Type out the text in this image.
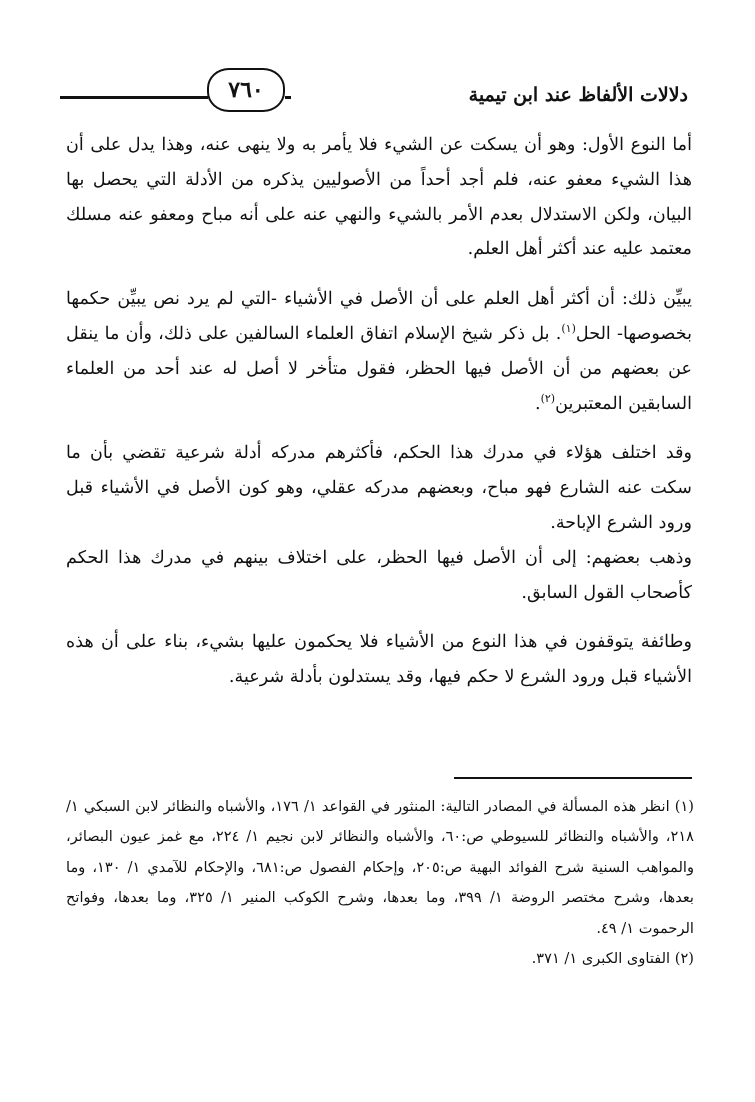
٧٦٠	دلالات الألفاظ عند ابن تيمية

أما النوع الأول: وهو أن يسكت عن الشيء فلا يأمر به ولا ينهى عنه، وهذا يدل على أن هذا الشيء معفو عنه، فلم أجد أحداً من الأصوليين يذكره من الأدلة التي يحصل بها البيان، ولكن الاستدلال بعدم الأمر بالشيء والنهي عنه على أنه مباح ومعفو عنه مسلك معتمد عليه عند أكثر أهل العلم.

يبيِّن ذلك: أن أكثر أهل العلم على أن الأصل في الأشياء -التي لم يرد نص يبيِّن حكمها بخصوصها- الحل$^{(١)}$. بل ذكر شيخ الإسلام اتفاق العلماء السالفين على ذلك، وأن ما ينقل عن بعضهم من أن الأصل فيها الحظر، فقول متأخر لا أصل له عند أحد من العلماء السابقين المعتبرين$^{(٢)}$.

وقد اختلف هؤلاء في مدرك هذا الحكم، فأكثرهم مدركه أدلة شرعية تقضي بأن ما سكت عنه الشارع فهو مباح، وبعضهم مدركه عقلي، وهو كون الأصل في الأشياء قبل ورود الشرع الإباحة.

وذهب بعضهم: إلى أن الأصل فيها الحظر، على اختلاف بينهم في مدرك هذا الحكم كأصحاب القول السابق.

وطائفة يتوقفون في هذا النوع من الأشياء فلا يحكمون عليها بشيء، بناء على أن هذه الأشياء قبل ورود الشرع لا حكم فيها، وقد يستدلون بأدلة شرعية.

(١) انظر هذه المسألة في المصادر التالية: المنثور في القواعد ١/ ١٧٦، والأشباه والنظائر لابن السبكي ١/ ٢١٨، والأشباه والنظائر للسيوطي ص:٦٠، والأشباه والنظائر لابن نجيم ١/ ٢٢٤، مع غمز عيون البصائر، والمواهب السنية شرح الفوائد البهية ص:٢٠٥، وإحكام الفصول ص:٦٨١، والإحكام للآمدي ١/ ١٣٠، وما بعدها، وشرح مختصر الروضة ١/ ٣٩٩، وما بعدها، وشرح الكوكب المنير ١/ ٣٢٥، وما بعدها، وفواتح الرحموت ١/ ٤٩.

(٢) الفتاوى الكبرى ١/ ٣٧١.
